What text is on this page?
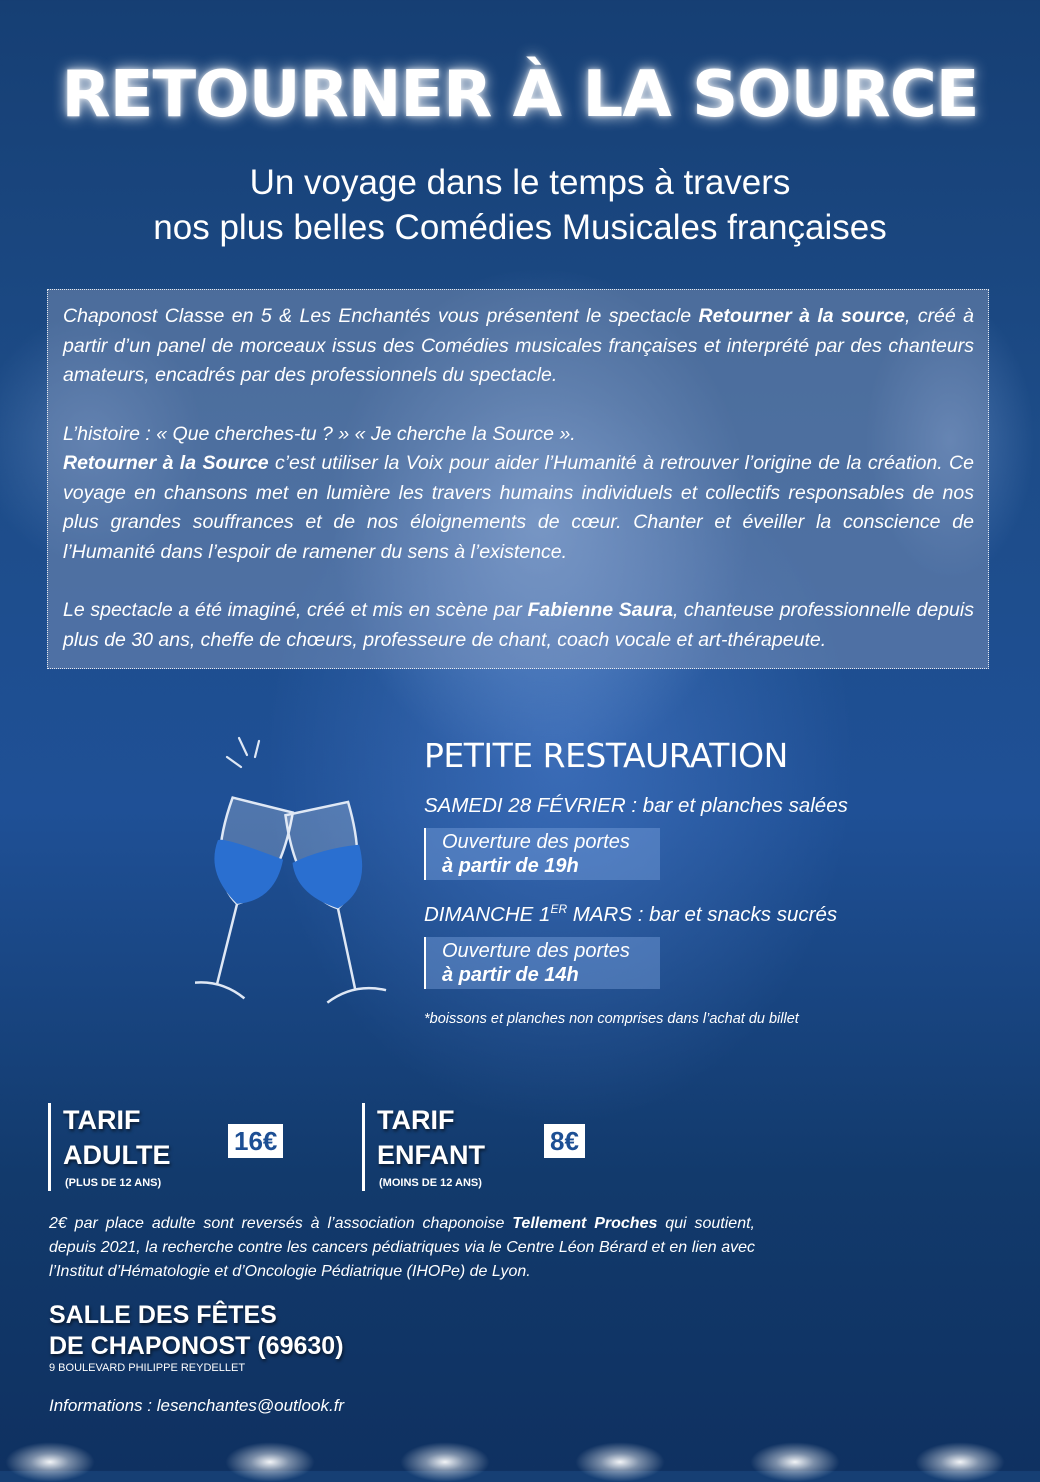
RETOURNER À LA SOURCE
Un voyage dans le temps à travers
nos plus belles Comédies Musicales françaises

Chaponost Classe en 5 & Les Enchantés vous présentent le spectacle Retourner à la source, créé à partir d’un panel de morceaux issus des Comédies musicales françaises et interprété par des chanteurs amateurs, encadrés par des professionnels du spectacle.

L’histoire : « Que cherches-tu ? » « Je cherche la Source ».

Retourner à la Source c’est utiliser la Voix pour aider l’Humanité à retrouver l’origine de la création. Ce voyage en chansons met en lumière les travers humains individuels et collectifs responsables de nos plus grandes souffrances et de nos éloignements de cœur. Chanter et éveiller la conscience de l’Humanité dans l’espoir de ramener du sens à l’existence.

Le spectacle a été imaginé, créé et mis en scène par Fabienne Saura, chanteuse professionnelle depuis plus de 30 ans, cheffe de chœurs, professeure de chant, coach vocale et art-thérapeute.

PETITE RESTAURATION
SAMEDI 28 FÉVRIER : bar et planches salées
Ouverture des portes
à partir de 19h
DIMANCHE 1ER MARS : bar et snacks sucrés
Ouverture des portes
à partir de 14h
*boissons et planches non comprises dans l’achat du billet
TARIF
ADULTE
(PLUS DE 12 ANS)
16€
TARIF
ENFANT
(MOINS DE 12 ANS)
8€
2€ par place adulte sont reversés à l’association chaponoise Tellement Proches qui soutient, depuis 2021, la recherche contre les cancers pédiatriques via le Centre Léon Bérard et en lien avec l’Institut d’Hématologie et d’Oncologie Pédiatrique (IHOPe) de Lyon.
SALLE DES FÊTES
DE CHAPONOST (69630)
9 BOULEVARD PHILIPPE REYDELLET
Informations : lesenchantes@outlook.fr
